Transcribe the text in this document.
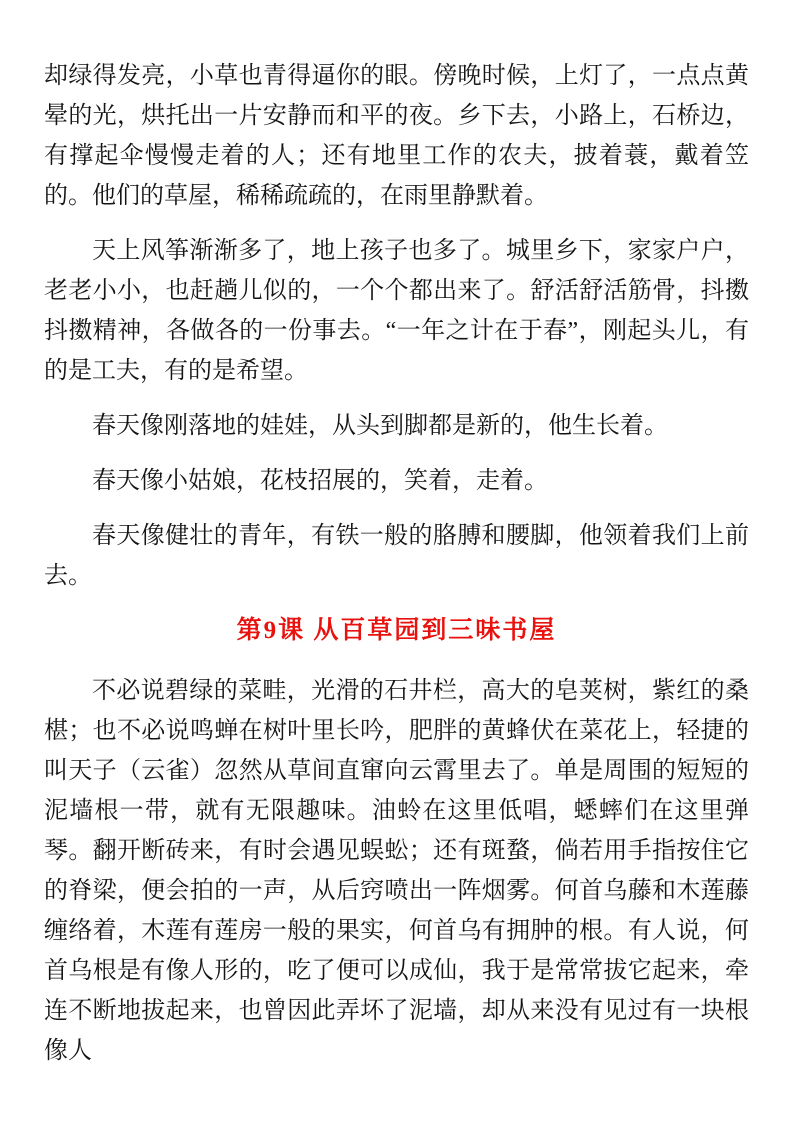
却绿得发亮，小草也青得逼你的眼。傍晚时候，上灯了，一点点黄晕的光，烘托出一片安静而和平的夜。乡下去，小路上，石桥边，有撑起伞慢慢走着的人；还有地里工作的农夫，披着蓑，戴着笠的。他们的草屋，稀稀疏疏的，在雨里静默着。

天上风筝渐渐多了，地上孩子也多了。城里乡下，家家户户，老老小小，也赶趟儿似的，一个个都出来了。舒活舒活筋骨，抖擞抖擞精神，各做各的一份事去。“一年之计在于春”，刚起头儿，有的是工夫，有的是希望。

春天像刚落地的娃娃，从头到脚都是新的，他生长着。

春天像小姑娘，花枝招展的，笑着，走着。

春天像健壮的青年，有铁一般的胳膊和腰脚，他领着我们上前去。

第9课 从百草园到三味书屋

不必说碧绿的菜畦，光滑的石井栏，高大的皂荚树，紫红的桑椹；也不必说鸣蝉在树叶里长吟，肥胖的黄蜂伏在菜花上，轻捷的叫天子（云雀）忽然从草间直窜向云霄里去了。单是周围的短短的泥墙根一带，就有无限趣味。油蛉在这里低唱，蟋蟀们在这里弹琴。翻开断砖来，有时会遇见蜈蚣；还有斑蝥，倘若用手指按住它的脊梁，便会拍的一声，从后窍喷出一阵烟雾。何首乌藤和木莲藤缠络着，木莲有莲房一般的果实，何首乌有拥肿的根。有人说，何首乌根是有像人形的，吃了便可以成仙，我于是常常拔它起来，牵连不断地拔起来，也曾因此弄坏了泥墙，却从来没有见过有一块根像人
